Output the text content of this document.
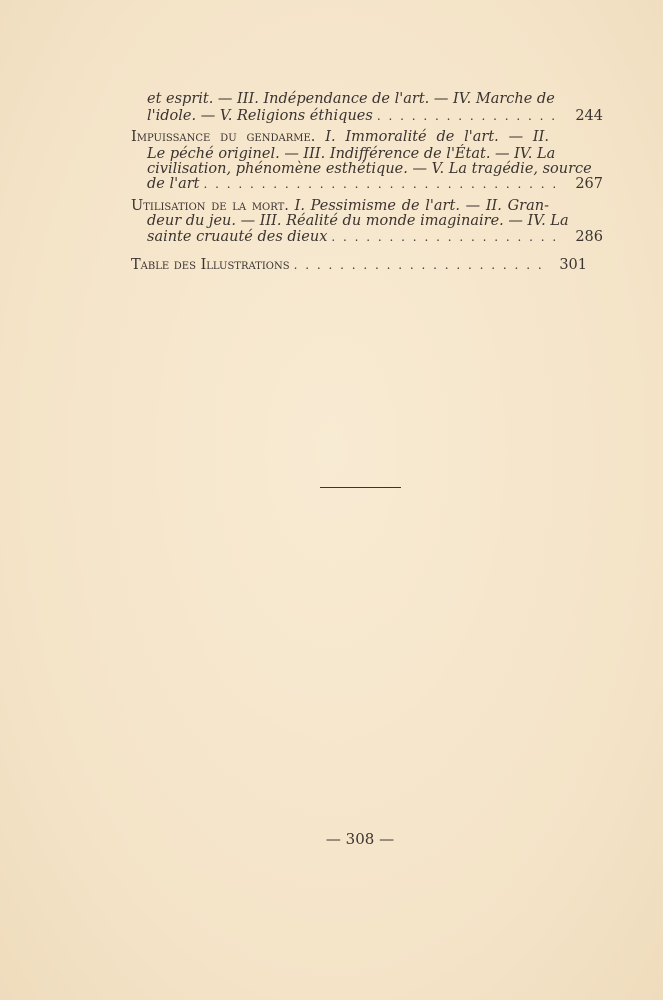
et esprit. — III. Indépendance de l'art. — IV. Marche de
l'idole. — V. Religions éthiques . . .	244
Impuissance du gendarme. I. Immoralité de l'art. — II.
Le péché originel. — III. Indifférence de l'État. — IV. La
civilisation, phénomène esthétique. — V. La tragédie, source
de l'art . . .	267
Utilisation de la mort. I. Pessimisme de l'art. — II. Gran-
deur du jeu. — III. Réalité du monde imaginaire. — IV. La
sainte cruauté des dieux . . .	286
Table des Illustrations . . .	301
— 308 —
